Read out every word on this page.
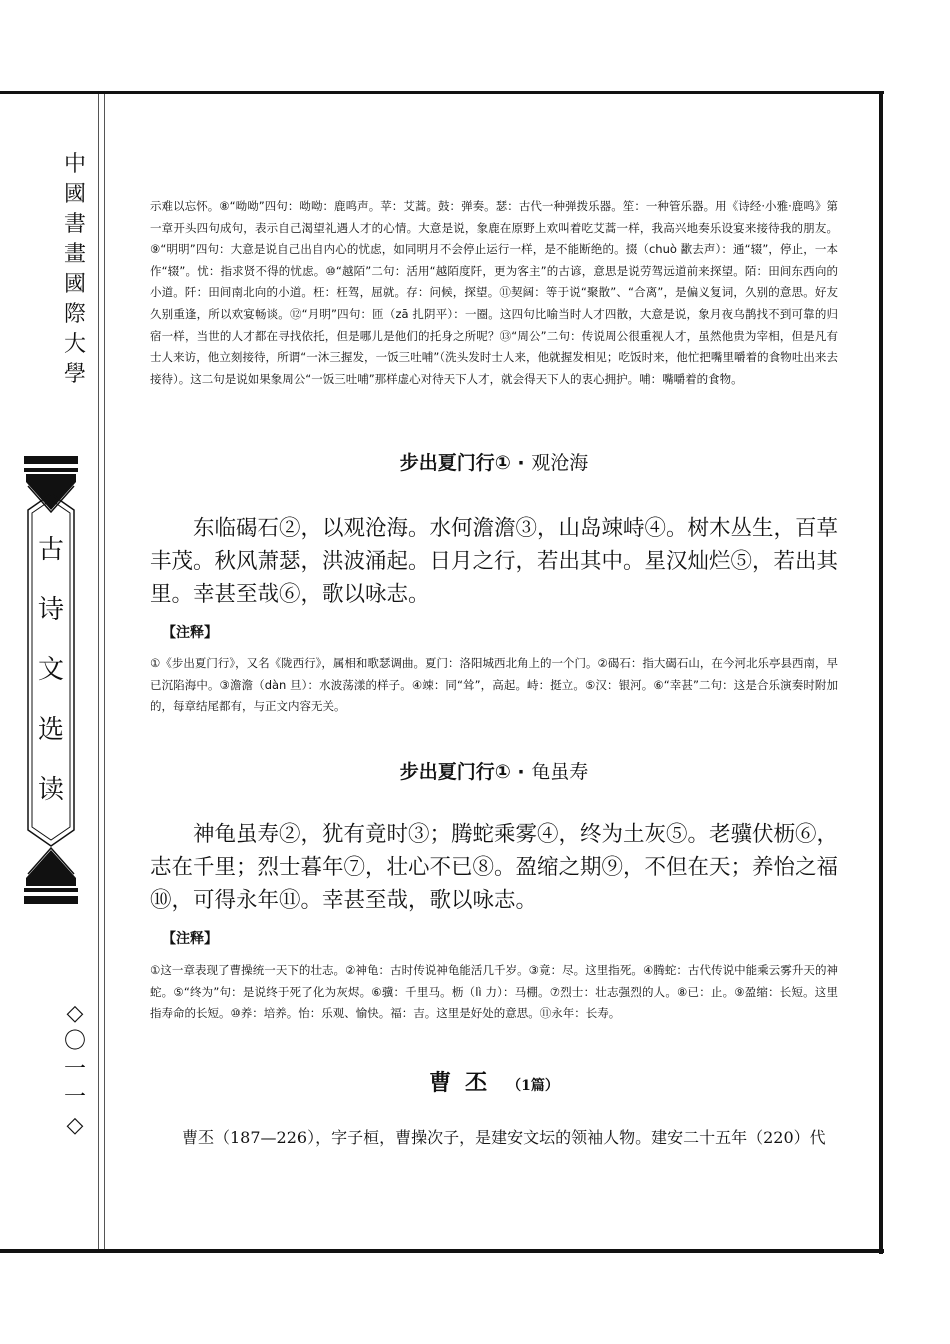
中
國
書
畫
國
際
大
學
古
诗
文
选
读
◇
〇
一
一
◇

示难以忘怀。⑧“呦呦”四句：呦呦：鹿鸣声。苹：艾蒿。鼓：弹奏。瑟：古代一种弹拨乐器。笙：一种管乐器。用《诗经·小雅·鹿鸣》第一章开头四句成句，表示自己渴望礼遇人才的心情。大意是说，象鹿在原野上欢叫着吃艾蒿一样，我高兴地奏乐设宴来接待我的朋友。⑨“明明”四句：大意是说自己出自内心的忧虑，如同明月不会停止运行一样，是不能断绝的。掇（chuò 歠去声）：通“辍”，停止，一本作“辍”。忧：指求贤不得的忧虑。⑩“越陌”二句：活用“越陌度阡，更为客主”的古谚，意思是说劳驾远道前来探望。陌：田间东西向的小道。阡：田间南北向的小道。枉：枉驾，屈就。存：问候，探望。⑪契阔：等于说“聚散”、“合离”，是偏义复词，久别的意思。好友久别重逢，所以欢宴畅谈。⑫“月明”四句：匝（zā 扎阴平）：一圈。这四句比喻当时人才四散，大意是说，象月夜乌鹊找不到可靠的归宿一样，当世的人才都在寻找依托，但是哪儿是他们的托身之所呢？⑬“周公”二句：传说周公很重视人才，虽然他贵为宰相，但是凡有士人来访，他立刻接待，所谓“一沐三握发，一饭三吐哺”（洗头发时士人来，他就握发相见；吃饭时来，他忙把嘴里嚼着的食物吐出来去接待）。这二句是说如果象周公“一饭三吐哺”那样虚心对待天下人才，就会得天下人的衷心拥护。哺：嘴嚼着的食物。

步出夏门行① · 观沧海

东临碣石②，以观沧海。水何澹澹③，山岛竦峙④。树木丛生，百草丰茂。秋风萧瑟，洪波涌起。日月之行，若出其中。星汉灿烂⑤，若出其里。幸甚至哉⑥，歌以咏志。

【注释】

①《步出夏门行》，又名《陇西行》，属相和歌瑟调曲。夏门：洛阳城西北角上的一个门。②碣石：指大碣石山，在今河北乐亭县西南，早已沉陷海中。③澹澹（dàn 旦）：水波荡漾的样子。④竦：同“耸”，高起。峙：挺立。⑤汉：银河。⑥“幸甚”二句：这是合乐演奏时附加的，每章结尾都有，与正文内容无关。

步出夏门行① · 龟虽寿

神龟虽寿②，犹有竟时③；腾蛇乘雾④，终为土灰⑤。老骥伏枥⑥，志在千里；烈士暮年⑦，壮心不已⑧。盈缩之期⑨，不但在天；养怡之福⑩，可得永年⑪。幸甚至哉，歌以咏志。

【注释】

①这一章表现了曹操统一天下的壮志。②神龟：古时传说神龟能活几千岁。③竟：尽。这里指死。④腾蛇：古代传说中能乘云雾升天的神蛇。⑤“终为”句：是说终于死了化为灰烬。⑥骥：千里马。枥（lì 力）：马棚。⑦烈士：壮志强烈的人。⑧已：止。⑨盈缩：长短。这里指寿命的长短。⑩养：培养。怡：乐观、愉快。福：吉。这里是好处的意思。⑪永年：长寿。

曹丕 （1篇）

曹丕（187—226），字子桓，曹操次子，是建安文坛的领袖人物。建安二十五年（220）代
